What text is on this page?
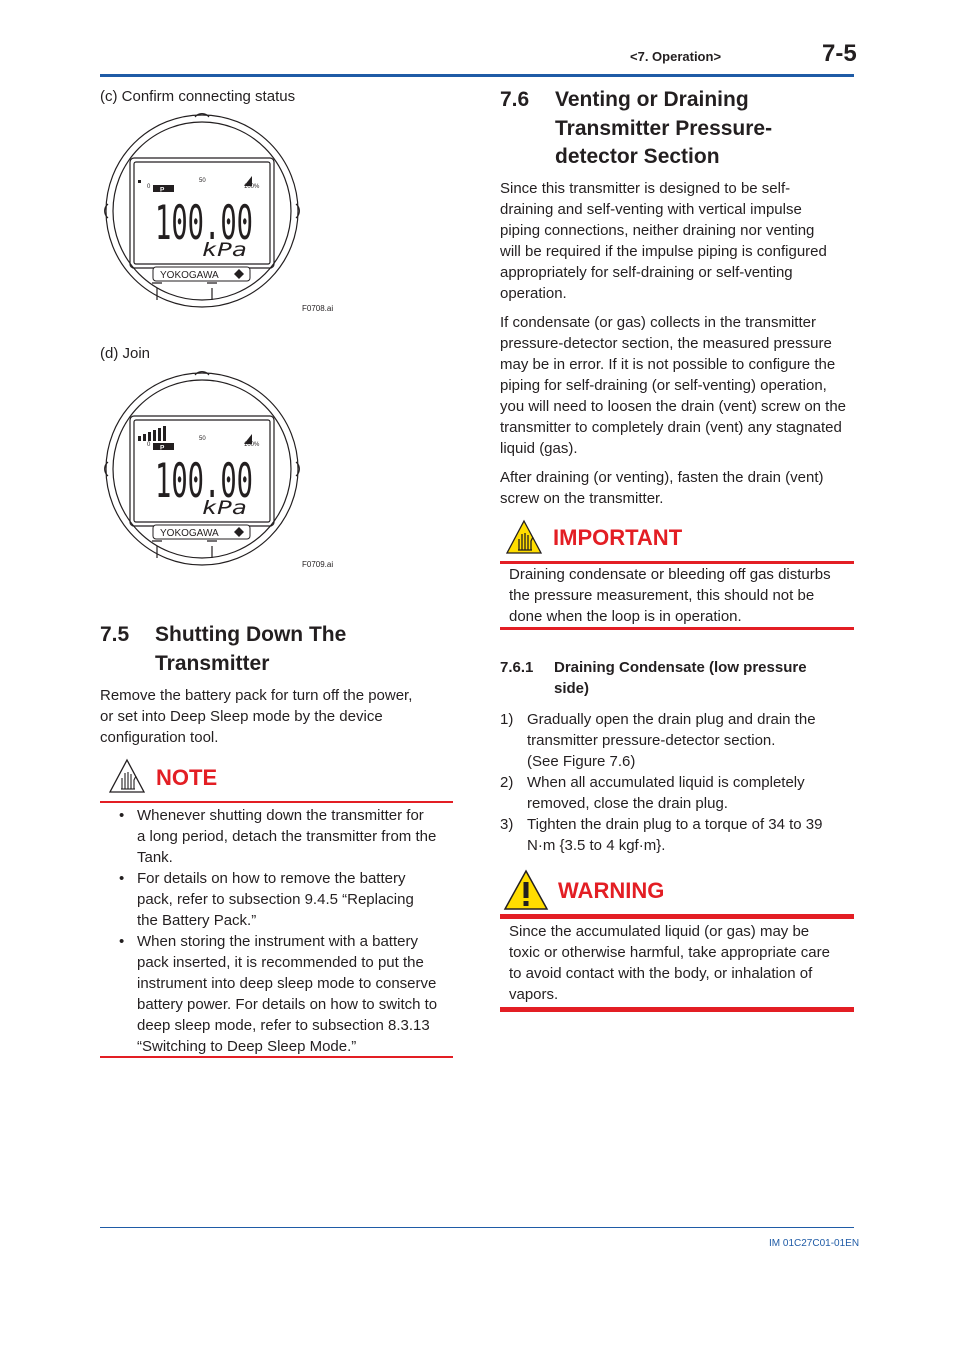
<7. Operation>	7-5
(c) Confirm connecting status
0
50
100%
P
100.00
kPa
YOKOGAWA
F0708.ai
(d) Join
0
50
100%
P
100.00
kPa
YOKOGAWA
F0709.ai
7.5 Shutting Down The
Transmitter
Remove the battery pack for turn off the power,
or set into Deep Sleep mode by the device
configuration tool.
NOTE
• Whenever shutting down the transmitter for
a long period, detach the transmitter from the
Tank.
• For details on how to remove the battery
pack, refer to subsection 9.4.5 “Replacing
the Battery Pack.”
• When storing the instrument with a battery
pack inserted, it is recommended to put the
instrument into deep sleep mode to conserve
battery power. For details on how to switch to
deep sleep mode, refer to subsection 8.3.13
“Switching to Deep Sleep Mode.”
7.6 Venting or Draining
Transmitter Pressure-
detector Section
Since this transmitter is designed to be self-
draining and self-venting with vertical impulse
piping connections, neither draining nor venting
will be required if the impulse piping is configured
appropriately for self-draining or self-venting
operation.
If condensate (or gas) collects in the transmitter
pressure-detector section, the measured pressure
may be in error. If it is not possible to configure the
piping for self-draining (or self-venting) operation,
you will need to loosen the drain (vent) screw on the
transmitter to completely drain (vent) any stagnated
liquid (gas).
After draining (or venting), fasten the drain (vent)
screw on the transmitter.
IMPORTANT
Draining condensate or bleeding off gas disturbs
the pressure measurement, this should not be
done when the loop is in operation.
7.6.1 Draining Condensate (low pressure
side)
1) Gradually open the drain plug and drain the
transmitter pressure-detector section.
(See Figure 7.6)
2) When all accumulated liquid is completely
removed, close the drain plug.
3) Tighten the drain plug to a torque of 34 to 39
N·m {3.5 to 4 kgf·m}.
WARNING
Since the accumulated liquid (or gas) may be
toxic or otherwise harmful, take appropriate care
to avoid contact with the body, or inhalation of
vapors.
IM 01C27C01-01EN
